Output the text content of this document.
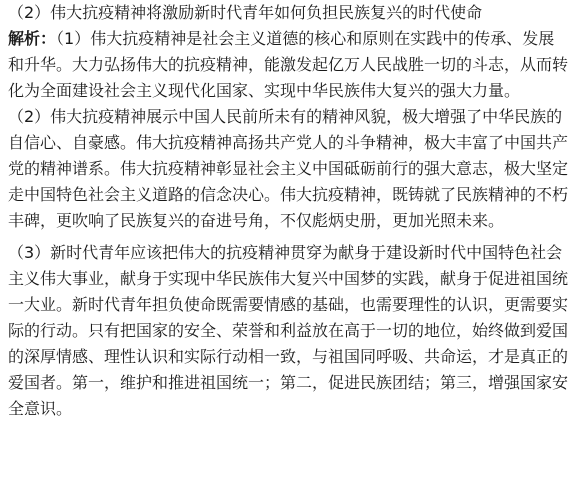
（2）伟大抗疫精神将激励新时代青年如何负担民族复兴的时代使命
解析：（1）伟大抗疫精神是社会主义道德的核心和原则在实践中的传承、发展
和升华。大力弘扬伟大的抗疫精神，能激发起亿万人民战胜一切的斗志，从而转
化为全面建设社会主义现代化国家、实现中华民族伟大复兴的强大力量。
（2）伟大抗疫精神展示中国人民前所未有的精神风貌，极大增强了中华民族的
自信心、自豪感。伟大抗疫精神高扬共产党人的斗争精神，极大丰富了中国共产
党的精神谱系。伟大抗疫精神彰显社会主义中国砥砺前行的强大意志，极大坚定
走中国特色社会主义道路的信念决心。伟大抗疫精神，既铸就了民族精神的不朽
丰碑，更吹响了民族复兴的奋进号角，不仅彪炳史册，更加光照未来。
（3）新时代青年应该把伟大的抗疫精神贯穿为献身于建设新时代中国特色社会
主义伟大事业，献身于实现中华民族伟大复兴中国梦的实践，献身于促进祖国统
一大业。新时代青年担负使命既需要情感的基础，也需要理性的认识，更需要实
际的行动。只有把国家的安全、荣誉和利益放在高于一切的地位，始终做到爱国
的深厚情感、理性认识和实际行动相一致，与祖国同呼吸、共命运，才是真正的
爱国者。第一，维护和推进祖国统一；第二，促进民族团结；第三，增强国家安
全意识。
